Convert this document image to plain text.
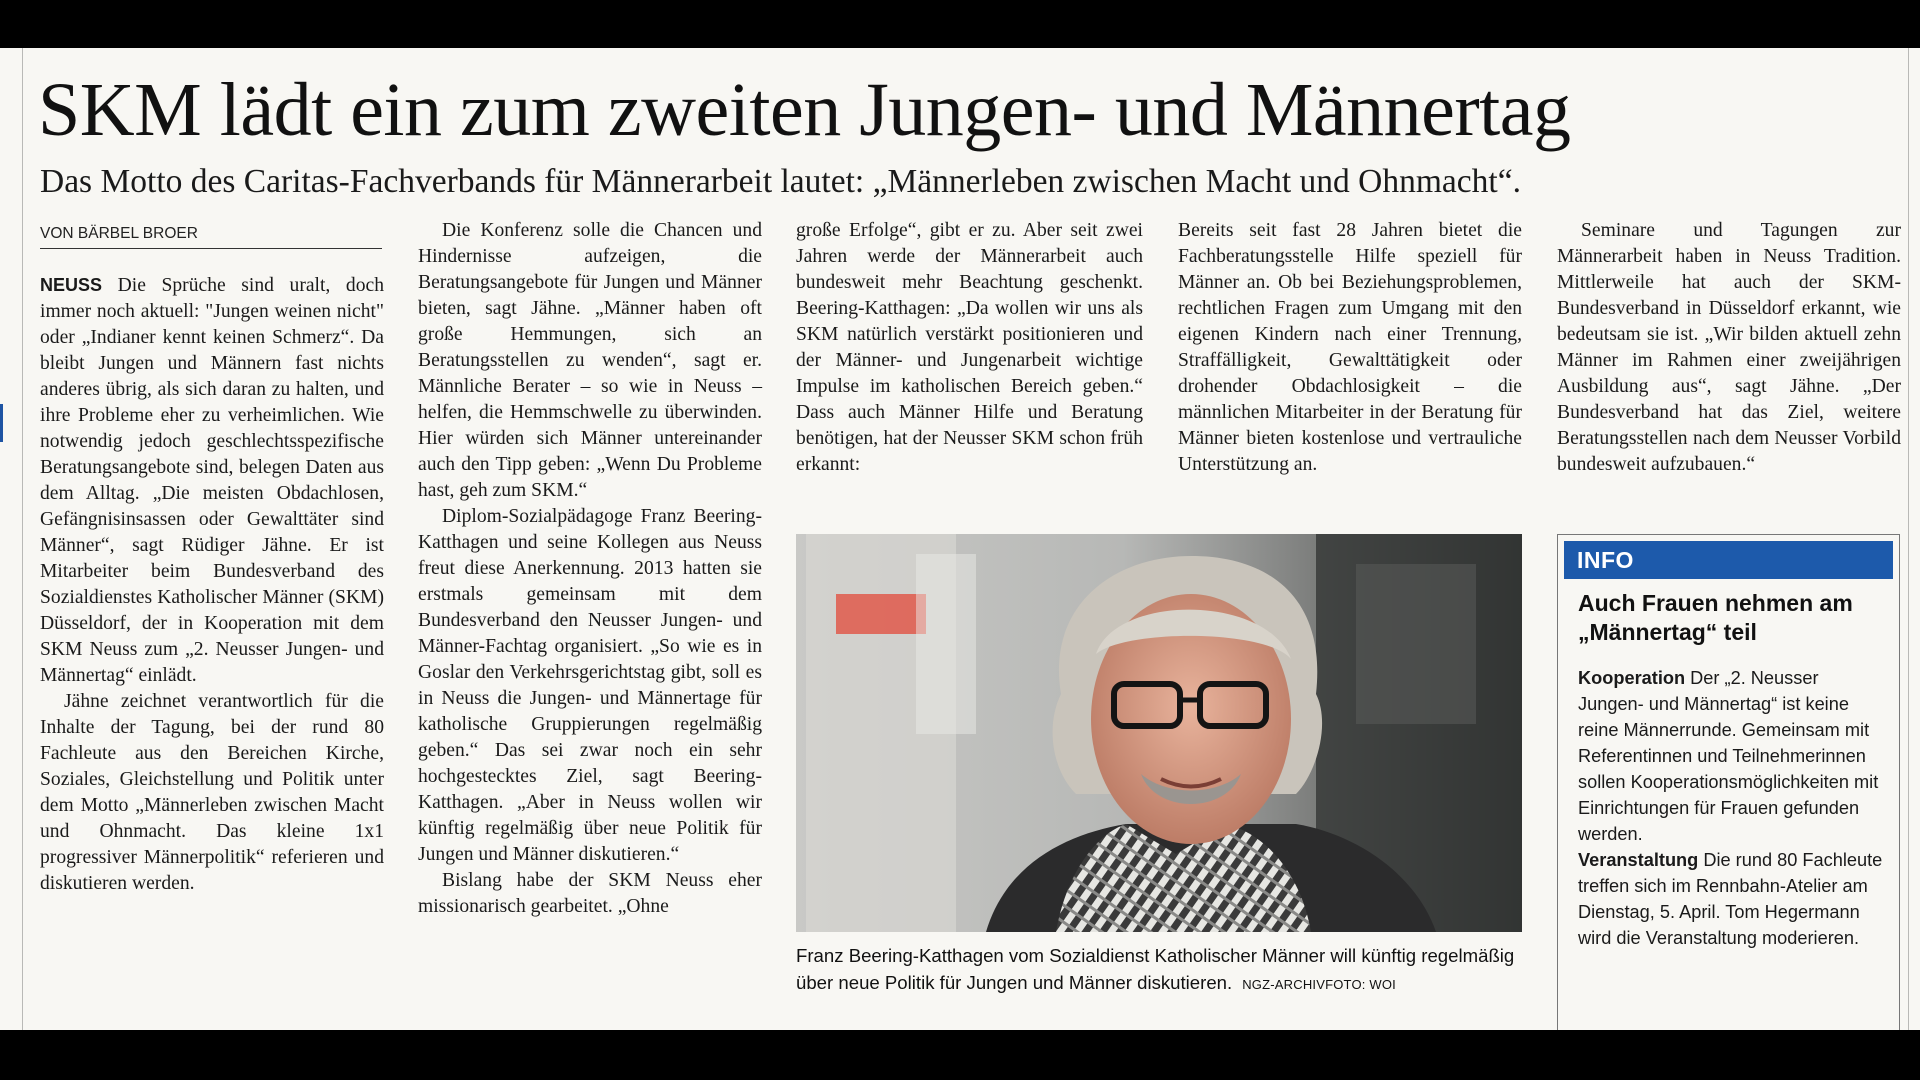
SKM lädt ein zum zweiten Jungen- und Männertag
Das Motto des Caritas-Fachverbands für Männerarbeit lautet: „Männerleben zwischen Macht und Ohnmacht“.
VON BÄRBEL BROER

NEUSS Die Sprüche sind uralt, doch immer noch aktuell: "Jungen weinen nicht" oder „Indianer kennt keinen Schmerz“. Da bleibt Jungen und Männern fast nichts anderes übrig, als sich daran zu halten, und ihre Probleme eher zu verheimlichen. Wie notwendig jedoch geschlechtsspezifische Beratungsangebote sind, belegen Daten aus dem Alltag. „Die meisten Obdachlosen, Gefängnisinsassen oder Gewalttäter sind Männer“, sagt Rüdiger Jähne. Er ist Mitarbeiter beim Bundesverband des Sozialdienstes Katholischer Männer (SKM) Düsseldorf, der in Kooperation mit dem SKM Neuss zum „2. Neusser Jungen- und Männertag“ einlädt.

Jähne zeichnet verantwortlich für die Inhalte der Tagung, bei der rund 80 Fachleute aus den Bereichen Kirche, Soziales, Gleichstellung und Politik unter dem Motto „Männerleben zwischen Macht und Ohnmacht. Das kleine 1x1 progressiver Männerpolitik“ referieren und diskutieren werden.

Die Konferenz solle die Chancen und Hindernisse aufzeigen, die Beratungsangebote für Jungen und Männer bieten, sagt Jähne. „Männer haben oft große Hemmungen, sich an Beratungsstellen zu wenden“, sagt er. Männliche Berater – so wie in Neuss – helfen, die Hemmschwelle zu überwinden. Hier würden sich Männer untereinander auch den Tipp geben: „Wenn Du Probleme hast, geh zum SKM.“

Diplom-Sozialpädagoge Franz Beering-Katthagen und seine Kollegen aus Neuss freut diese Anerkennung. 2013 hatten sie erstmals gemeinsam mit dem Bundesverband den Neusser Jungen- und Männer-Fachtag organisiert. „So wie es in Goslar den Verkehrsgerichtstag gibt, soll es in Neuss die Jungen- und Männertage für katholische Gruppierungen regelmäßig geben.“ Das sei zwar noch ein sehr hochgestecktes Ziel, sagt Beering-Katthagen. „Aber in Neuss wollen wir künftig regelmäßig über neue Politik für Jungen und Männer diskutieren.“

Bislang habe der SKM Neuss eher missionarisch gearbeitet. „Ohne

große Erfolge“, gibt er zu. Aber seit zwei Jahren werde der Männerarbeit auch bundesweit mehr Beachtung geschenkt. Beering-Katthagen: „Da wollen wir uns als SKM natürlich verstärkt positionieren und der Männer- und Jungenarbeit wichtige Impulse im katholischen Bereich geben.“ Dass auch Männer Hilfe und Beratung benötigen, hat der Neusser SKM schon früh erkannt:

Bereits seit fast 28 Jahren bietet die Fachberatungsstelle Hilfe speziell für Männer an. Ob bei Beziehungsproblemen, rechtlichen Fragen zum Umgang mit den eigenen Kindern nach einer Trennung, Straffälligkeit, Gewalttätigkeit oder drohender Obdachlosigkeit – die männlichen Mitarbeiter in der Beratung für Männer bieten kostenlose und vertrauliche Unterstützung an.

Seminare und Tagungen zur Männerarbeit haben in Neuss Tradition. Mittlerweile hat auch der SKM-Bundesverband in Düsseldorf erkannt, wie bedeutsam sie ist. „Wir bilden aktuell zehn Männer im Rahmen einer zweijährigen Ausbildung aus“, sagt Jähne. „Der Bundesverband hat das Ziel, weitere Beratungsstellen nach dem Neusser Vorbild bundesweit aufzubauen.“

Franz Beering-Katthagen vom Sozialdienst Katholischer Männer will künftig regelmäßig über neue Politik für Jungen und Männer diskutieren. NGZ-ARCHIVFOTO: WOI
INFO
Auch Frauen nehmen am „Männertag“ teil

Kooperation Der „2. Neusser Jungen- und Männertag“ ist keine reine Männerrunde. Gemeinsam mit Referentinnen und Teilnehmerinnen sollen Kooperationsmöglichkeiten mit Einrichtungen für Frauen gefunden werden.

Veranstaltung Die rund 80 Fachleute treffen sich im Rennbahn-Atelier am Dienstag, 5. April. Tom Hegermann wird die Veranstaltung moderieren.
